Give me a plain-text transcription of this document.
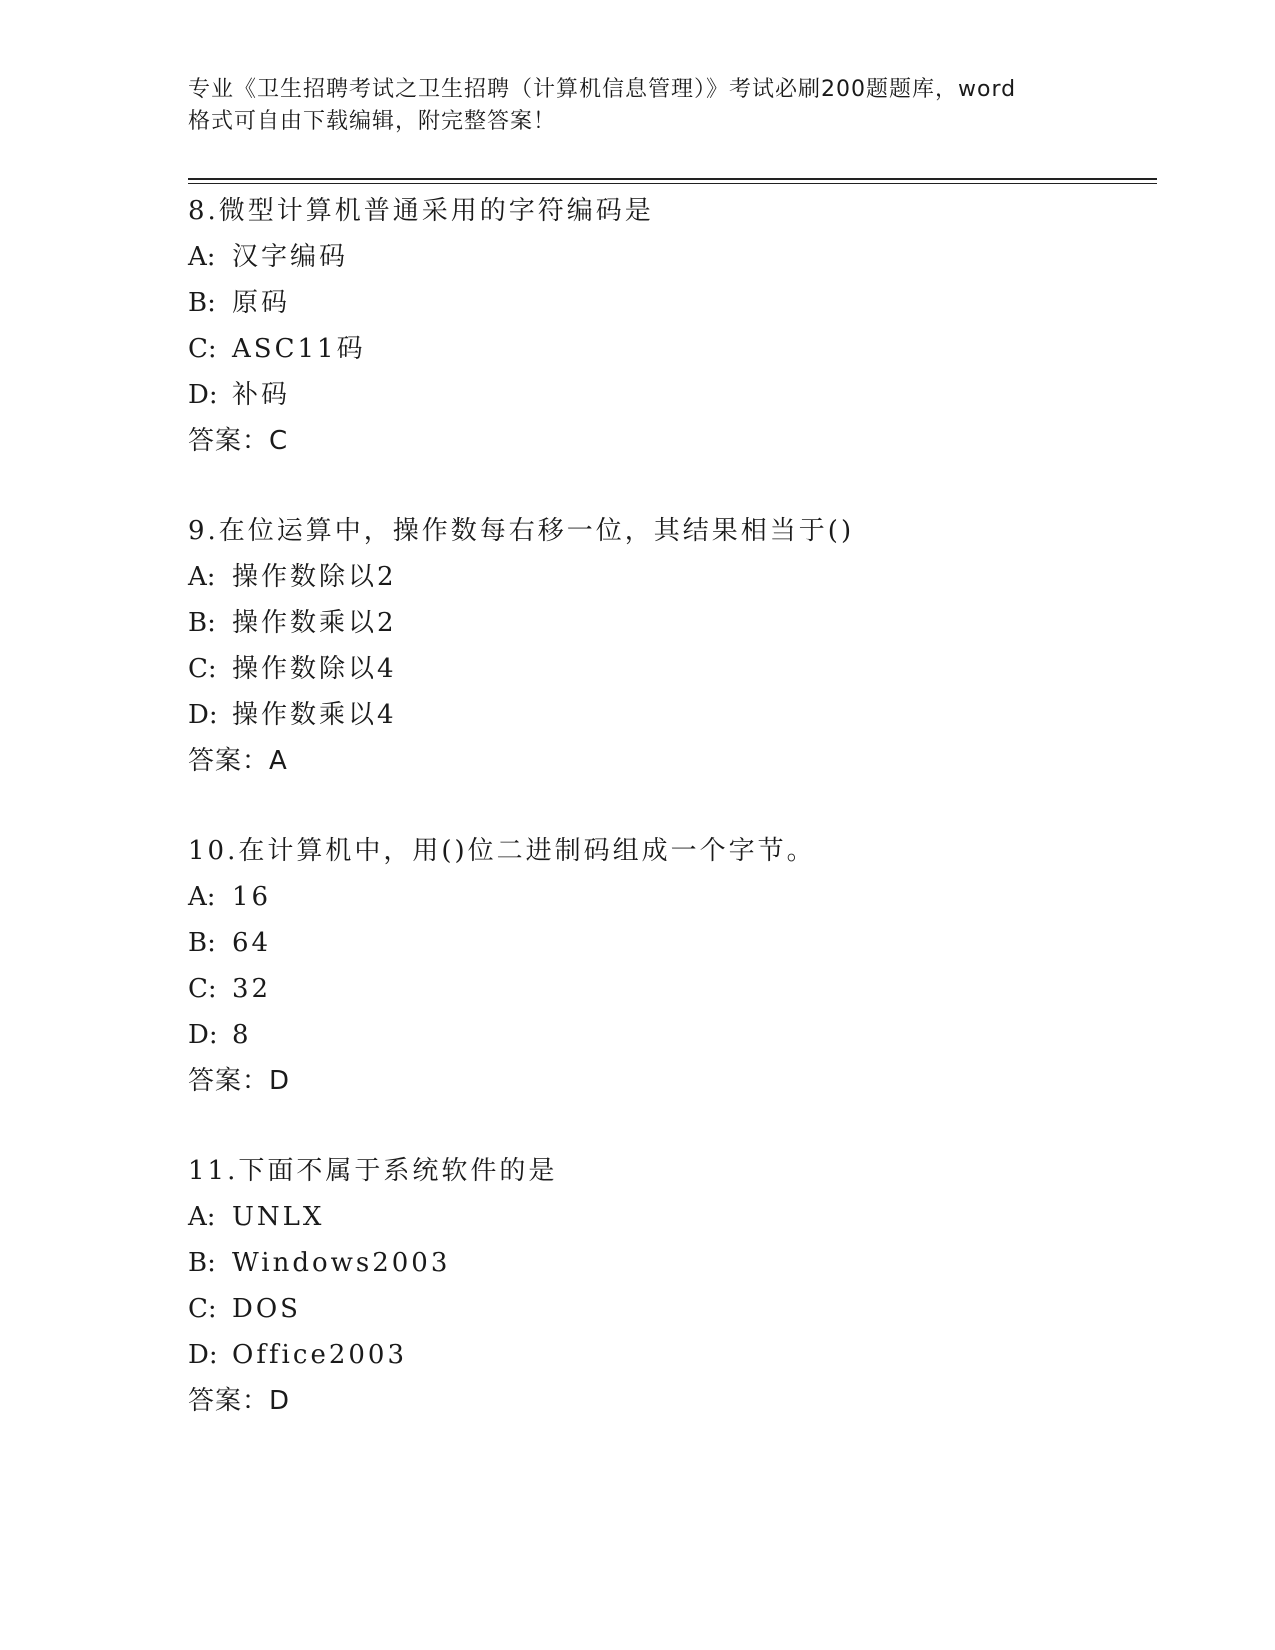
专业《卫生招聘考试之卫生招聘（计算机信息管理）》考试必刷200题题库，word
格式可自由下载编辑，附完整答案！
8.微型计算机普通采用的字符编码是
A: 汉字编码
B: 原码
C: ASC11码
D: 补码
答案：C
9.在位运算中，操作数每右移一位，其结果相当于()
A: 操作数除以2
B: 操作数乘以2
C: 操作数除以4
D: 操作数乘以4
答案：A
10.在计算机中，用()位二进制码组成一个字节。
A: 16
B: 64
C: 32
D: 8
答案：D
11.下面不属于系统软件的是
A: UNLX
B: Windows2003
C: DOS
D: Office2003
答案：D
